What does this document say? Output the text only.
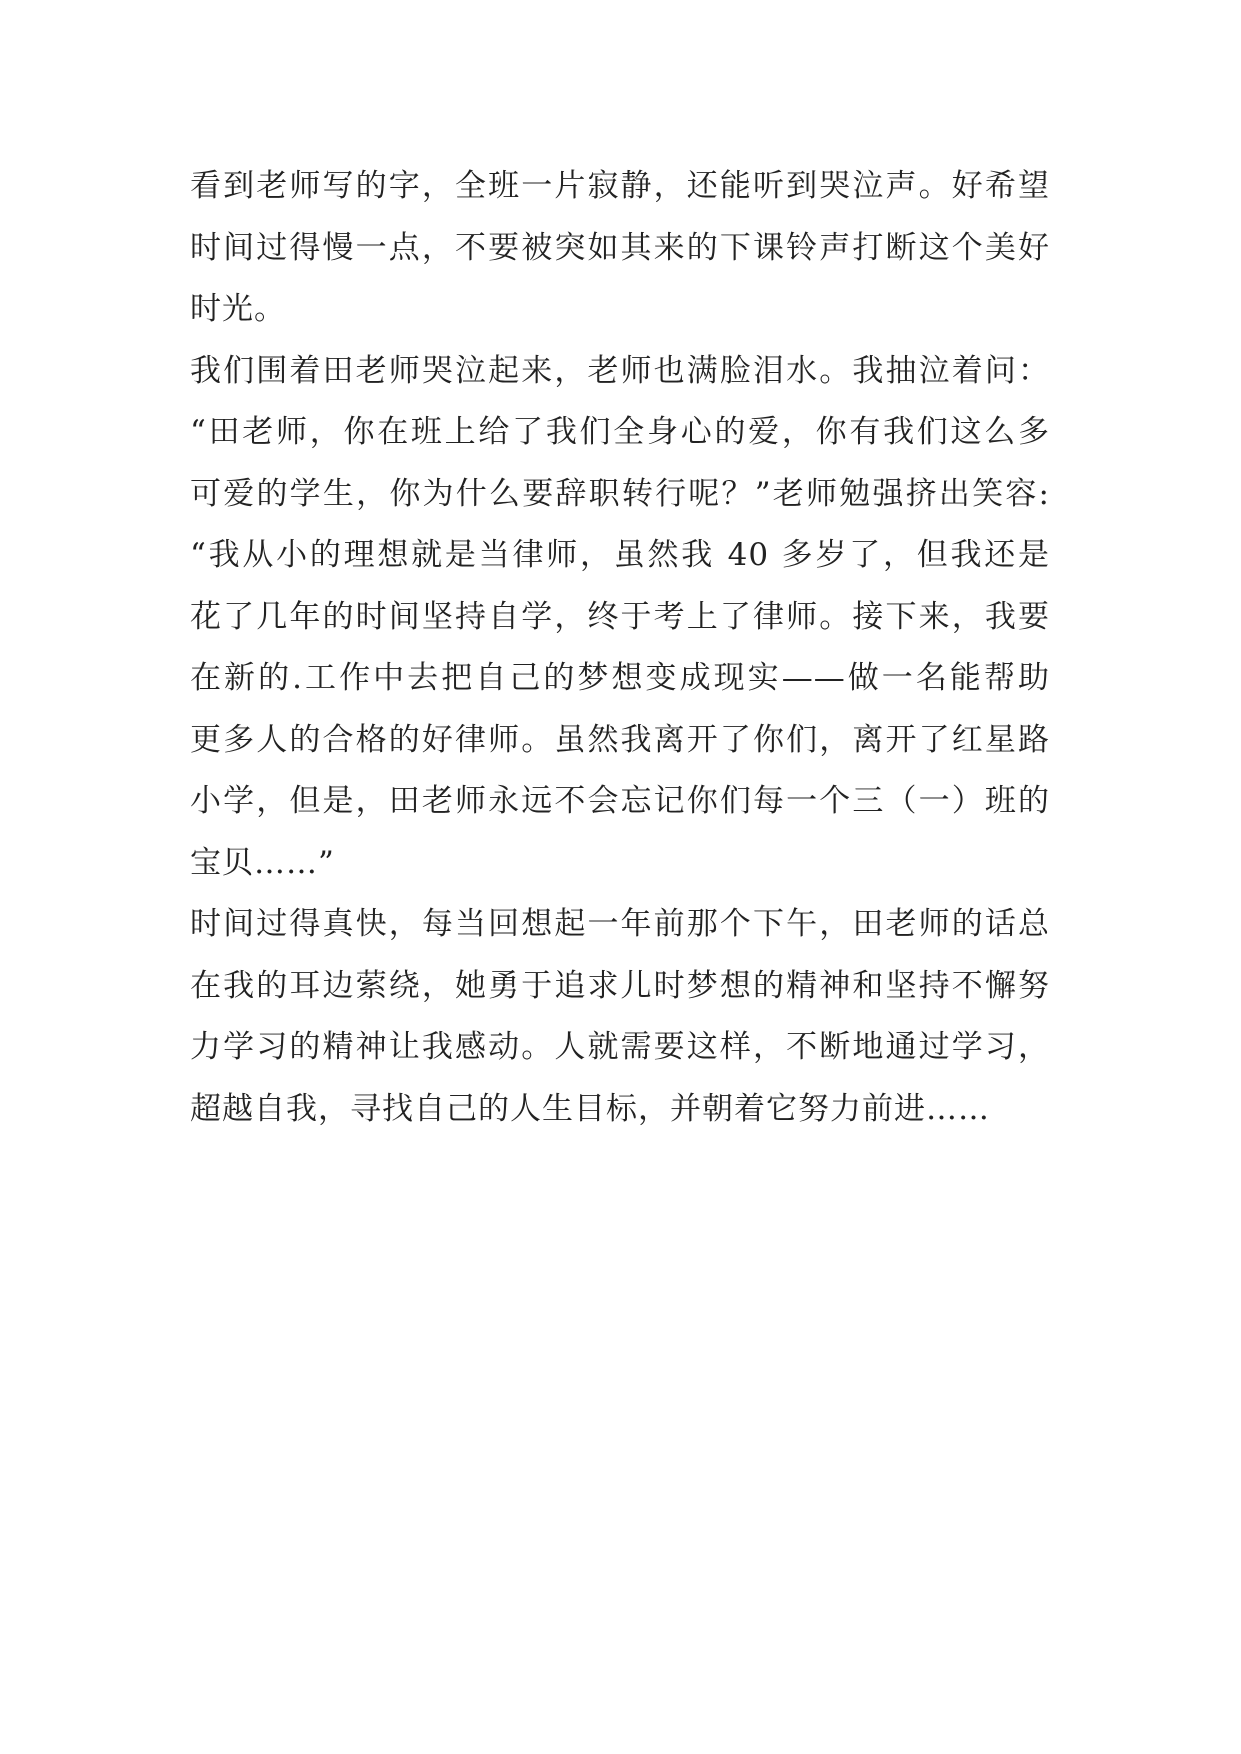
看到老师写的字，全班一片寂静，还能听到哭泣声。好希望
时间过得慢一点，不要被突如其来的下课铃声打断这个美好
时光。
我们围着田老师哭泣起来，老师也满脸泪水。我抽泣着问：
“田老师，你在班上给了我们全身心的爱，你有我们这么多
可爱的学生，你为什么要辞职转行呢？”老师勉强挤出笑容:
“我从小的理想就是当律师，虽然我 40 多岁了，但我还是
花了几年的时间坚持自学，终于考上了律师。接下来，我要
在新的.工作中去把自己的梦想变成现实——做一名能帮助
更多人的合格的好律师。虽然我离开了你们，离开了红星路
小学，但是，田老师永远不会忘记你们每一个三（一）班的
宝贝……”
时间过得真快，每当回想起一年前那个下午，田老师的话总
在我的耳边萦绕，她勇于追求儿时梦想的精神和坚持不懈努
力学习的精神让我感动。人就需要这样，不断地通过学习，
超越自我，寻找自己的人生目标，并朝着它努力前进……
